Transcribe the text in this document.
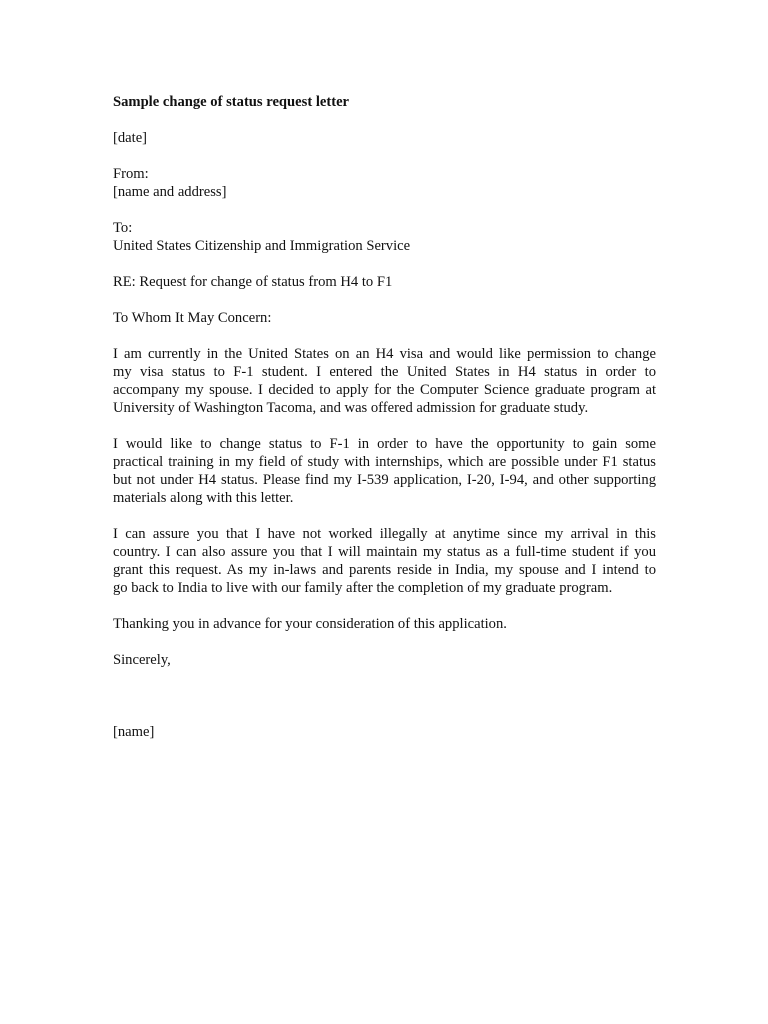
Sample change of status request letter

[date]

From:

[name and address]

To:

United States Citizenship and Immigration Service

RE: Request for change of status from H4 to F1

To Whom It May Concern:

I am currently in the United States on an H4 visa and would like permission to change
my visa status to F-1 student. I entered the United States in H4 status in order to
accompany my spouse. I decided to apply for the Computer Science graduate program at
University of Washington Tacoma, and was offered admission for graduate study.
I would like to change status to F-1 in order to have the opportunity to gain some
practical training in my field of study with internships, which are possible under F1 status
but not under H4 status. Please find my I-539 application, I-20, I-94, and other supporting
materials along with this letter.
I can assure you that I have not worked illegally at anytime since my arrival in this
country. I can also assure you that I will maintain my status as a full-time student if you
grant this request. As my in-laws and parents reside in India, my spouse and I intend to
go back to India to live with our family after the completion of my graduate program.

Thanking you in advance for your consideration of this application.

Sincerely,

[name]
